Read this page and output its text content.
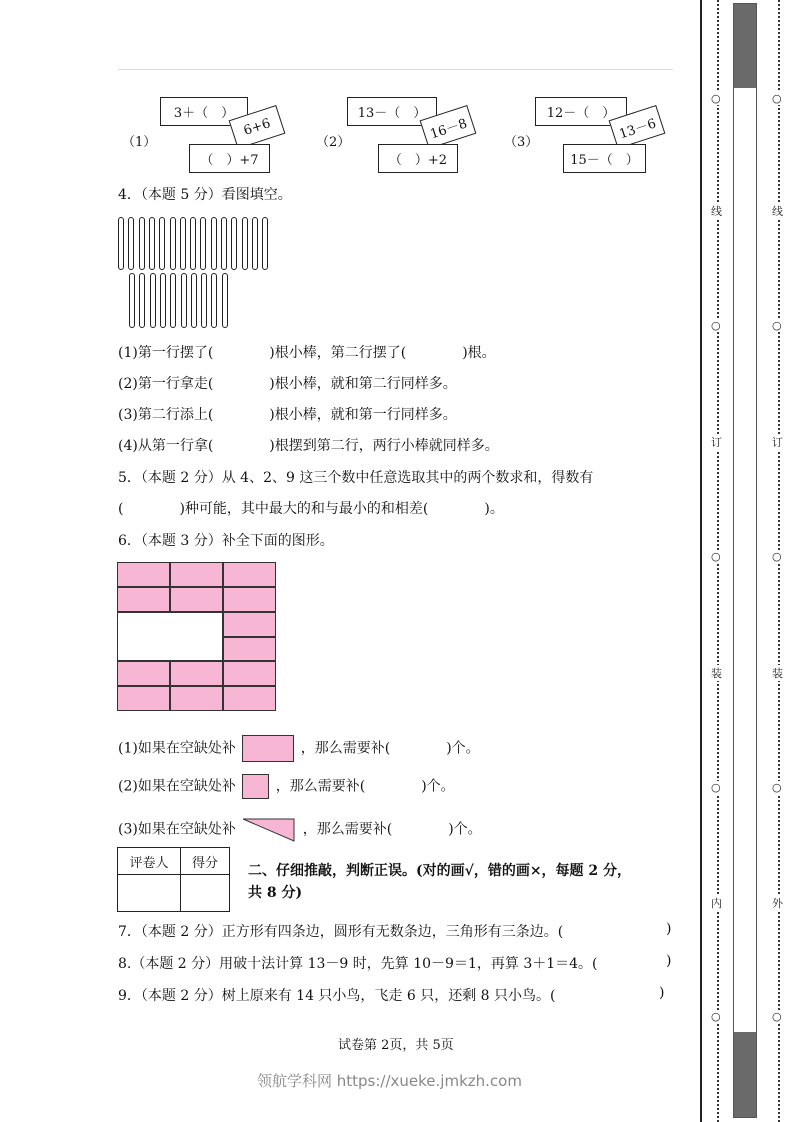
（1）
3＋（　）
6+6
（　）+7
（2）
13－（　）
16－8
（　）+2
（3）
12－（　）
13－6
15－（　）
4．（本题 5 分）看图填空。
(1)第一行摆了(　　　　)根小棒，第二行摆了(　　　　)根。
(2)第一行拿走(　　　　)根小棒，就和第二行同样多。
(3)第二行添上(　　　　)根小棒，就和第一行同样多。
(4)从第一行拿(　　　　)根摆到第二行，两行小棒就同样多。
5．（本题 2 分）从 4、2、9 这三个数中任意选取其中的两个数求和，得数有
(　　　　)种可能，其中最大的和与最小的和相差(　　　　)。
6．（本题 3 分）补全下面的图形。
(1)如果在空缺处补	，那么需要补(　　　　)个。
(2)如果在空缺处补	，那么需要补(　　　　)个。
(3)如果在空缺处补	，那么需要补(　　　　)个。
评卷人	得分
	二、仔细推敲，判断正误。(对的画√，错的画×，每题 2 分，
共 8 分)
7．（本题 2 分）正方形有四条边，圆形有无数条边，三角形有三条边。(	)
8.（本题 2 分）用破十法计算 13－9 时，先算 10－9＝1，再算 3＋1＝4。(	)
9．（本题 2 分）树上原来有 14 只小鸟，飞走 6 只，还剩 8 只小鸟。(	)
试卷第 2页，共 5页
领航学科网 https://xueke.jmkzh.com
○
线
○
订
○
装
○
内
○
○
线
○
订
○
装
○
外
○
